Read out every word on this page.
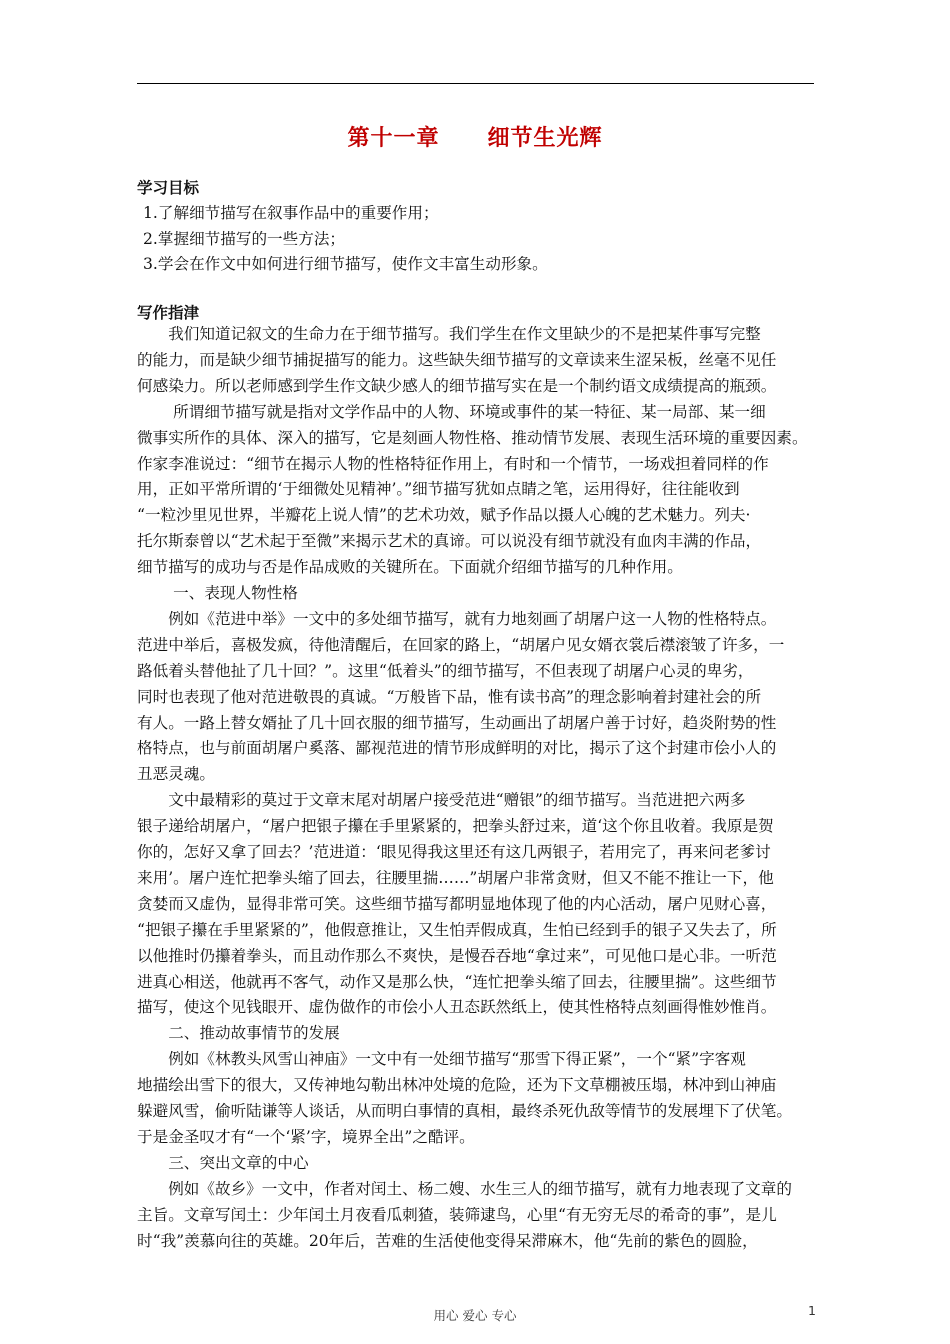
第十一章 细节生光辉
学习目标
1.了解细节描写在叙事作品中的重要作用；
2.掌握细节描写的一些方法；
3.学会在作文中如何进行细节描写，使作文丰富生动形象。
写作指津
　　我们知道记叙文的生命力在于细节描写。我们学生在作文里缺少的不是把某件事写完整
的能力，而是缺少细节捕捉描写的能力。这些缺失细节描写的文章读来生涩呆板，丝毫不见任
何感染力。所以老师感到学生作文缺少感人的细节描写实在是一个制约语文成绩提高的瓶颈。
　　 所谓细节描写就是指对文学作品中的人物、环境或事件的某一特征、某一局部、某一细
微事实所作的具体、深入的描写，它是刻画人物性格、推动情节发展、表现生活环境的重要因素。
作家李准说过：“细节在揭示人物的性格特征作用上，有时和一个情节，一场戏担着同样的作
用，正如平常所谓的‘于细微处见精神’。”细节描写犹如点睛之笔，运用得好，往往能收到
“一粒沙里见世界，半瓣花上说人情”的艺术功效，赋予作品以摄人心魄的艺术魅力。列夫·
托尔斯泰曾以“艺术起于至微”来揭示艺术的真谛。可以说没有细节就没有血肉丰满的作品，
细节描写的成功与否是作品成败的关键所在。下面就介绍细节描写的几种作用。
　　 一、表现人物性格
　　例如《范进中举》一文中的多处细节描写，就有力地刻画了胡屠户这一人物的性格特点。
范进中举后，喜极发疯，待他清醒后，在回家的路上，“胡屠户见女婿衣裳后襟滚皱了许多，一
路低着头替他扯了几十回？”。这里“低着头”的细节描写，不但表现了胡屠户心灵的卑劣，
同时也表现了他对范进敬畏的真诚。“万般皆下品，惟有读书高”的理念影响着封建社会的所
有人。一路上替女婿扯了几十回衣服的细节描写，生动画出了胡屠户善于讨好，趋炎附势的性
格特点，也与前面胡屠户奚落、鄙视范进的情节形成鲜明的对比，揭示了这个封建市侩小人的
丑恶灵魂。
　　文中最精彩的莫过于文章末尾对胡屠户接受范进“赠银”的细节描写。当范进把六两多
银子递给胡屠户，“屠户把银子攥在手里紧紧的，把拳头舒过来，道‘这个你且收着。我原是贺
你的，怎好又拿了回去？’范进道：‘眼见得我这里还有这几两银子，若用完了，再来问老爹讨
来用’。屠户连忙把拳头缩了回去，往腰里揣……”胡屠户非常贪财，但又不能不推让一下，他
贪婪而又虚伪，显得非常可笑。这些细节描写都明显地体现了他的内心活动，屠户见财心喜，
“把银子攥在手里紧紧的”，他假意推让，又生怕弄假成真，生怕已经到手的银子又失去了，所
以他推时仍攥着拳头，而且动作那么不爽快，是慢吞吞地“拿过来”，可见他口是心非。一听范
进真心相送，他就再不客气，动作又是那么快，“连忙把拳头缩了回去，往腰里揣”。这些细节
描写，使这个见钱眼开、虚伪做作的市侩小人丑态跃然纸上，使其性格特点刻画得惟妙惟肖。
　　二、推动故事情节的发展
　　例如《林教头风雪山神庙》一文中有一处细节描写“那雪下得正紧”，一个“紧”字客观
地描绘出雪下的很大，又传神地勾勒出林冲处境的危险，还为下文草棚被压塌，林冲到山神庙
躲避风雪，偷听陆谦等人谈话，从而明白事情的真相，最终杀死仇敌等情节的发展埋下了伏笔。
于是金圣叹才有“一个‘紧’字，境界全出”之酷评。
　　三、突出文章的中心
　　例如《故乡》一文中，作者对闰土、杨二嫂、水生三人的细节描写，就有力地表现了文章的
主旨。文章写闰土：少年闰土月夜看瓜刺猹，装筛逮鸟，心里“有无穷无尽的希奇的事”，是儿
时“我”羡慕向往的英雄。20年后，苦难的生活使他变得呆滞麻木，他“先前的紫色的圆脸，
用心 爱心 专心	1
